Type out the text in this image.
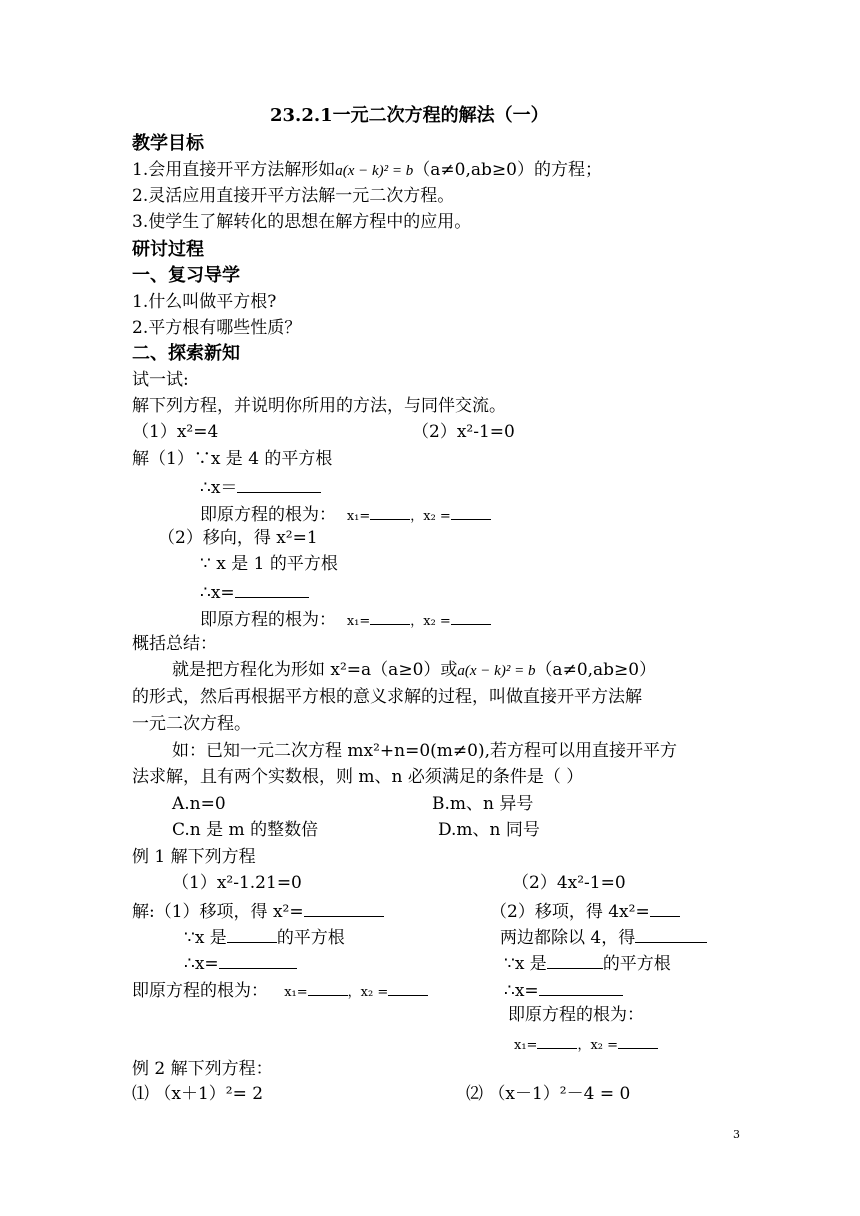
23.2.1一元二次方程的解法（一）
教学目标
1.会用直接开平方法解形如a(x − k)² = b（a≠0,ab≥0）的方程；
2.灵活应用直接开平方法解一元二次方程。
3.使学生了解转化的思想在解方程中的应用。
研讨过程
一、复习导学
1.什么叫做平方根?
2.平方根有哪些性质？
二、探索新知
试一试:
解下列方程，并说明你所用的方法，与同伴交流。
（1）x²=4	（2）x²-1=0
解（1）∵x 是 4 的平方根
∴x＝
即原方程的根为： x₁=	，x₂ =
（2）移向，得 x²=1
∵ x 是 1 的平方根
∴x=
即原方程的根为： x₁=	，x₂ =
概括总结：
就是把方程化为形如 x²=a（a≥0）或a(x − k)² = b（a≠0,ab≥0）
的形式，然后再根据平方根的意义求解的过程，叫做直接开平方法解
一元二次方程。
如：已知一元二次方程 mx²+n=0(m≠0),若方程可以用直接开平方
法求解，且有两个实数根，则 m、n 必须满足的条件是（ ）
A.n=0	B.m、n 异号
C.n 是 m 的整数倍	D.m、n 同号
例 1 解下列方程
（1）x²-1.21=0	（2）4x²-1=0
解:（1）移项，得 x²=
∵x 是	的平方根
∴x=
即原方程的根为： x₁=	，x₂ =
（2）移项，得 4x²=
两边都除以 4，得
∵x 是	的平方根
∴x=
即原方程的根为：
x₁=	，x₂ =
例 2 解下列方程：
⑴ （x＋1）²= 2	⑵ （x－1）²－4 = 0
3
